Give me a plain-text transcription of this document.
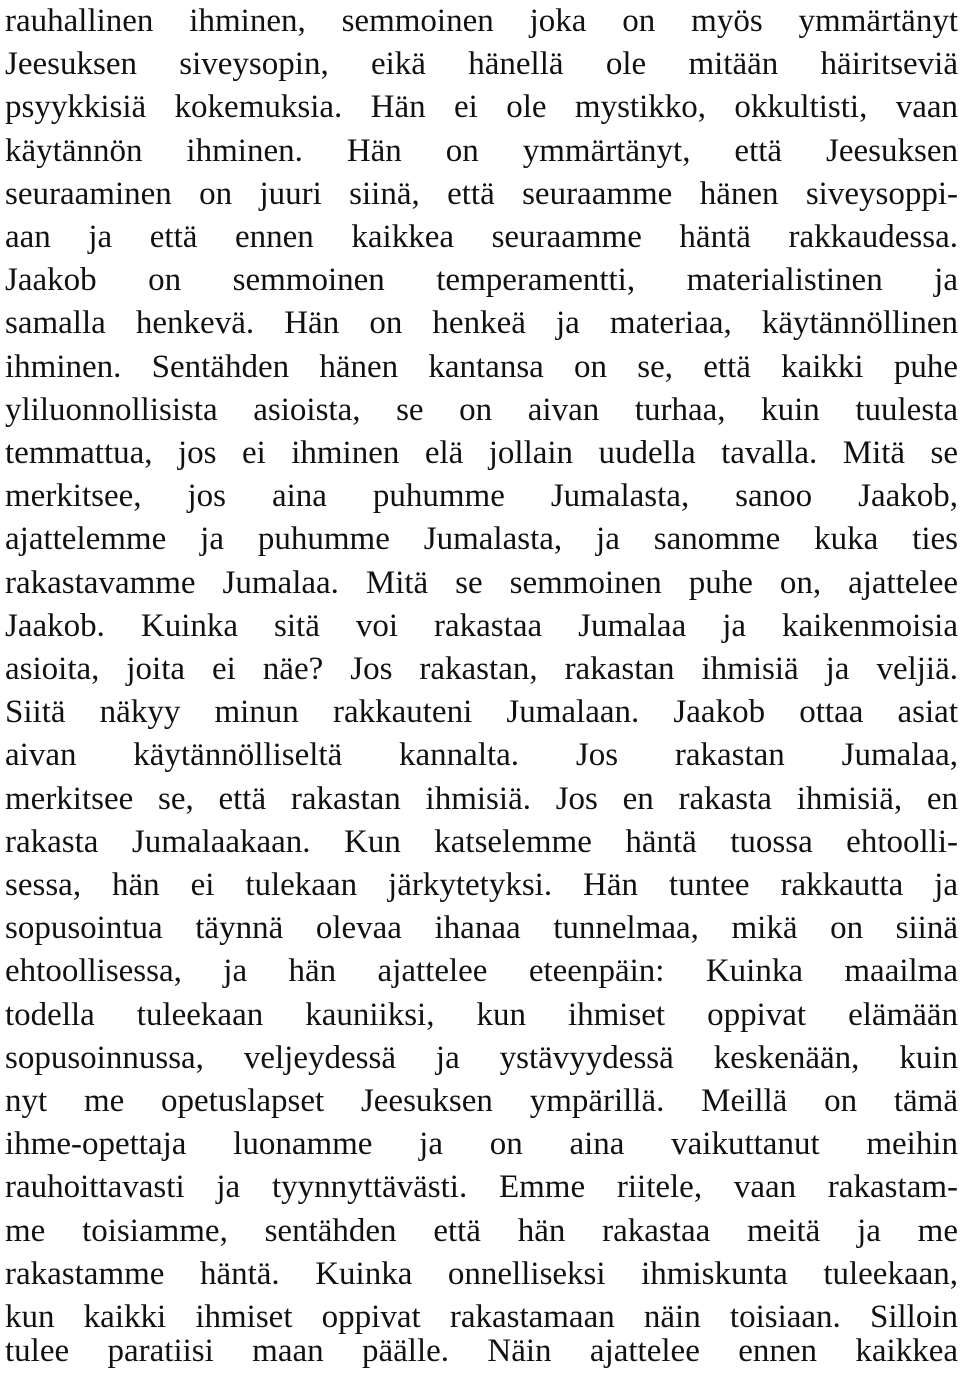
rauhallinen ihminen, semmoinen joka on myös ymmärtänyt
Jeesuksen siveysopin, eikä hänellä ole mitään häiritseviä
psyykkisiä kokemuksia. Hän ei ole mystikko, okkultisti, vaan
käytännön ihminen. Hän on ymmärtänyt, että Jeesuksen
seuraaminen on juuri siinä, että seuraamme hänen siveysoppi-
aan ja että ennen kaikkea seuraamme häntä rakkaudessa.
Jaakob on semmoinen temperamentti, materialistinen ja
samalla henkevä. Hän on henkeä ja materiaa, käytännöllinen
ihminen. Sentähden hänen kantansa on se, että kaikki puhe
yliluonnollisista asioista, se on aivan turhaa, kuin tuulesta
temmattua, jos ei ihminen elä jollain uudella tavalla. Mitä se
merkitsee, jos aina puhumme Jumalasta, sanoo Jaakob,
ajattelemme ja puhumme Jumalasta, ja sanomme kuka ties
rakastavamme Jumalaa. Mitä se semmoinen puhe on, ajattelee
Jaakob. Kuinka sitä voi rakastaa Jumalaa ja kaikenmoisia
asioita, joita ei näe? Jos rakastan, rakastan ihmisiä ja veljiä.
Siitä näkyy minun rakkauteni Jumalaan. Jaakob ottaa asiat
aivan käytännölliseltä kannalta. Jos rakastan Jumalaa,
merkitsee se, että rakastan ihmisiä. Jos en rakasta ihmisiä, en
rakasta Jumalaakaan. Kun katselemme häntä tuossa ehtoolli-
sessa, hän ei tulekaan järkytetyksi. Hän tuntee rakkautta ja
sopusointua täynnä olevaa ihanaa tunnelmaa, mikä on siinä
ehtoollisessa, ja hän ajattelee eteenpäin: Kuinka maailma
todella tuleekaan kauniiksi, kun ihmiset oppivat elämään
sopusoinnussa, veljeydessä ja ystävyydessä keskenään, kuin
nyt me opetuslapset Jeesuksen ympärillä. Meillä on tämä
ihme-opettaja luonamme ja on aina vaikuttanut meihin
rauhoittavasti ja tyynnyttävästi. Emme riitele, vaan rakastam-
me toisiamme, sentähden että hän rakastaa meitä ja me
rakastamme häntä. Kuinka onnelliseksi ihmiskunta tuleekaan,
kun kaikki ihmiset oppivat rakastamaan näin toisiaan. Silloin
tulee paratiisi maan päälle. Näin ajattelee ennen kaikkea
